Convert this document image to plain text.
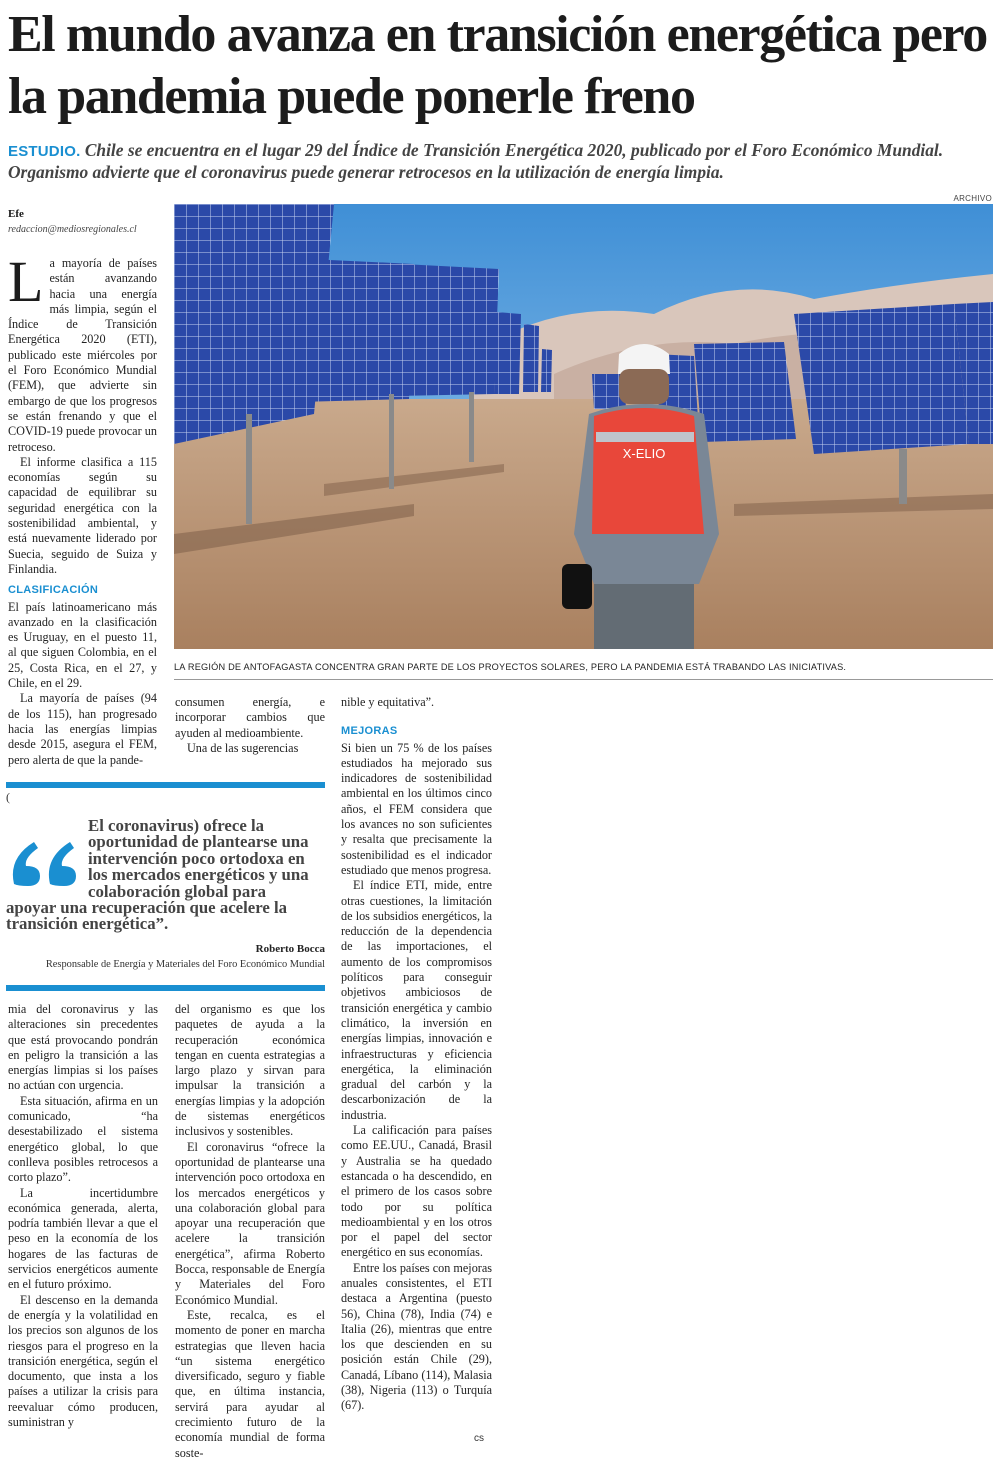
El mundo avanza en transición energética pero la pandemia puede ponerle freno
ESTUDIO. Chile se encuentra en el lugar 29 del Índice de Transición Energética 2020, publicado por el Foro Económico Mundial. Organismo advierte que el coronavirus puede generar retrocesos en la utilización de energía limpia.
ARCHIVO
Efe
redaccion@mediosregionales.cl
X-ELIO
LA REGIÓN DE ANTOFAGASTA CONCENTRA GRAN PARTE DE LOS PROYECTOS SOLARES, PERO LA PANDEMIA ESTÁ TRABANDO LAS INICIATIVAS.

La mayoría de países están avanzando hacia una energía más limpia, según el Índice de Transición Energética 2020 (ETI), publicado este miércoles por el Foro Económico Mundial (FEM), que advierte sin embargo de que los progresos se están frenando y que el COVID-19 puede provocar un retroceso.

El informe clasifica a 115 economías según su capacidad de equilibrar su seguridad energética con la sostenibilidad ambiental, y está nuevamente liderado por Suecia, seguido de Suiza y Finlandia.

CLASIFICACIÓN

El país latinoamericano más avanzado en la clasificación es Uruguay, en el puesto 11, al que siguen Colombia, en el 25, Costa Rica, en el 27, y Chile, en el 29.

La mayoría de países (94 de los 115), han progresado hacia las energías limpias desde 2015, asegura el FEM, pero alerta de que la pande-

consumen energía, e incorporar cambios que ayuden al medioambiente.

Una de las sugerencias

(
El coronavirus) ofrece la
oportunidad de plantearse una
intervención poco ortodoxa en
los mercados energéticos y una
colaboración global para
apoyar una recuperación que acelere la
transición energética”.
Roberto Bocca
Responsable de Energía y Materiales del Foro Económico Mundial

mia del coronavirus y las alteraciones sin precedentes que está provocando pondrán en peligro la transición a las energías limpias si los países no actúan con urgencia.

Esta situación, afirma en un comunicado, “ha desestabilizado el sistema energético global, lo que conlleva posibles retrocesos a corto plazo”.

La incertidumbre económica generada, alerta, podría también llevar a que el peso en la economía de los hogares de las facturas de servicios energéticos aumente en el futuro próximo.

El descenso en la demanda de energía y la volatilidad en los precios son algunos de los riesgos para el progreso en la transición energética, según el documento, que insta a los países a utilizar la crisis para reevaluar cómo producen, suministran y

del organismo es que los paquetes de ayuda a la recuperación económica tengan en cuenta estrategias a largo plazo y sirvan para impulsar la transición a energías limpias y la adopción de sistemas energéticos inclusivos y sostenibles.

El coronavirus “ofrece la oportunidad de plantearse una intervención poco ortodoxa en los mercados energéticos y una colaboración global para apoyar una recuperación que acelere la transición energética”, afirma Roberto Bocca, responsable de Energía y Materiales del Foro Económico Mundial.

Este, recalca, es el momento de poner en marcha estrategias que lleven hacia “un sistema energético diversificado, seguro y fiable que, en última instancia, servirá para ayudar al crecimiento futuro de la economía mundial de forma soste-

nible y equitativa”.

MEJORAS

Si bien un 75 % de los países estudiados ha mejorado sus indicadores de sostenibilidad ambiental en los últimos cinco años, el FEM considera que los avances no son suficientes y resalta que precisamente la sostenibilidad es el indicador estudiado que menos progresa.

El índice ETI, mide, entre otras cuestiones, la limitación de los subsidios energéticos, la reducción de la dependencia de las importaciones, el aumento de los compromisos políticos para conseguir objetivos ambiciosos de transición energética y cambio climático, la inversión en energías limpias, innovación e infraestructuras y eficiencia energética, la eliminación gradual del carbón y la descarbonización de la industria.

La calificación para países como EE.UU., Canadá, Brasil y Australia se ha quedado estancada o ha descendido, en el primero de los casos sobre todo por su política medioambiental y en los otros por el papel del sector energético en sus economías.

Entre los países con mejoras anuales consistentes, el ETI destaca a Argentina (puesto 56), China (78), India (74) e Italia (26), mientras que entre los que descienden en su posición están Chile (29), Canadá, Líbano (114), Malasia (38), Nigeria (113) o Turquía (67).

cs
